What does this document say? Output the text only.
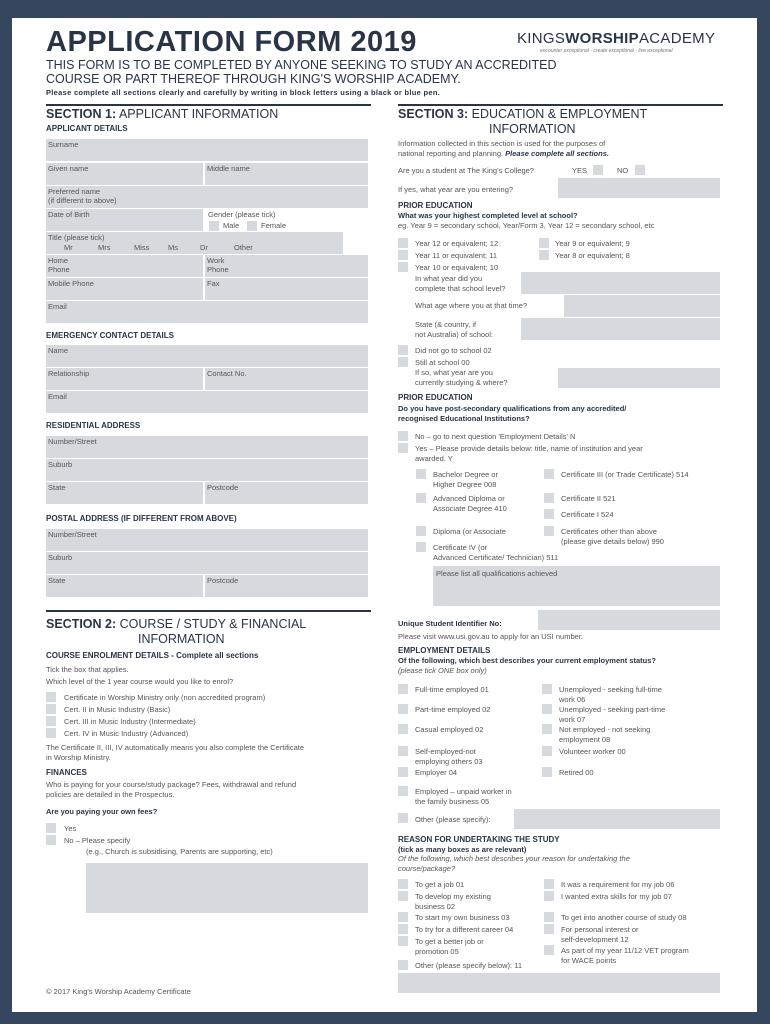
APPLICATION FORM 2019	KINGSWORSHIPACADEMY
encounter exceptional · create exceptional · live exceptional
THIS FORM IS TO BE COMPLETED BY ANYONE SEEKING TO STUDY AN ACCREDITED
COURSE OR PART THEREOF THROUGH KING'S WORSHIP ACADEMY.
Please complete all sections clearly and carefully by writing in block letters using a black or blue pen.
SECTION 1: APPLICANT INFORMATION
APPLICANT DETAILS
Surname
Given name	Middle name
Preferred name
(if different to above)
Date of Birth	Gender (please tick)
Male	Female
Title (please tick)
Mr	Mrs	Miss Ms	Dr	Other
Home
Phone
Work
Phone
Mobile Phone	Fax
Email
EMERGENCY CONTACT DETAILS
Name
Relationship	Contact No.
Email
RESIDENTIAL ADDRESS
Number/Street
Suburb
State	Postcode
POSTAL ADDRESS (IF DIFFERENT FROM ABOVE)
Number/Street
Suburb
State	Postcode
SECTION 2: COURSE / STUDY & FINANCIAL
INFORMATION
COURSE ENROLMENT DETAILS - Complete all sections
Tick the box that applies.
Which level of the 1 year course would you like to enrol?
Certificate in Worship Ministry only (non accredited program)
Cert. II in Music Industry (Basic)
Cert. III in Music Industry (Intermediate)
Cert. IV in Music Industry (Advanced)
The Certificate II, III, IV automatically means you also complete the Certificate
in Worship Ministry.
FINANCES
Who is paying for your course/study package? Fees, withdrawal and refund
policies are detailed in the Prospectus.
Are you paying your own fees?
Yes
No – Please specify
(e.g., Church is subsidising, Parents are supporting, etc)
© 2017 King's Worship Academy Certificate
SECTION 3: EDUCATION & EMPLOYMENT
INFORMATION
Information collected in this section is used for the purposes of
national reporting and planning. Please complete all sections.
Are you a student at The King's College?	YES	NO
If yes, what year are you entering?
PRIOR EDUCATION
What was your highest completed level at school?
eg. Year 9 = secondary school, Year/Form 3, Year 12 = secondary school, etc
Year 12 or equivalent; 12
Year 11 or equivalent; 11
Year 10 or equivalent; 10
Year 9 or equivalent; 9
Year 8 or equivalent; 8
In what year did you
complete that school level?
What age where you at that time?
State (& country, if
not Australia) of school:
Did not go to school 02
Still at school 00
If so, what year are you
currently studying & where?
PRIOR EDUCATION
Do you have post-secondary qualifications from any accredited/
recognised Educational Institutions?
No – go to next question 'Employment Details' N
Yes – Please provide details below: title, name of institution and year
awarded. Y
Bachelor Degree or
Higher Degree 008
Advanced Diploma or
Associate Degree 410
Diploma (or Associate
Certificate IV (or
Advanced Certificate/ Technician) 511
Certificate III (or Trade Certificate) 514
Certificate II 521
Certificate I 524
Certificates other than above
(please give details below) 990
Please list all qualifications achieved
Unique Student Identifier No:
Please visit www.usi.gov.au to apply for an USI number.
EMPLOYMENT DETAILS
Of the following, which best describes your current employment status?
(please tick ONE box only)
Full-time employed 01
Part-time employed 02
Casual employed 02
Self-employed-not
employing others 03
Employer 04
Employed – unpaid worker in
the family business 05
Other (please specify):
Unemployed - seeking full-time
work 06
Unemployed - seeking part-time
work 07
Not employed - not seeking
employment 08
Volunteer worker 00
Retired 00
REASON FOR UNDERTAKING THE STUDY
(tick as many boxes as are relevant)
Of the following, which best describes your reason for undertaking the
course/package?
To get a job 01
To develop my existing
business 02
To start my own business 03
To try for a different career 04
To get a better job or
promotion 05
Other (please specify below): 11
It was a requirement for my job 06
I wanted extra skills for my job 07
To get into another course of study 08
For personal interest or
self-development 12
As part of my year 11/12 VET program
for WACE points
